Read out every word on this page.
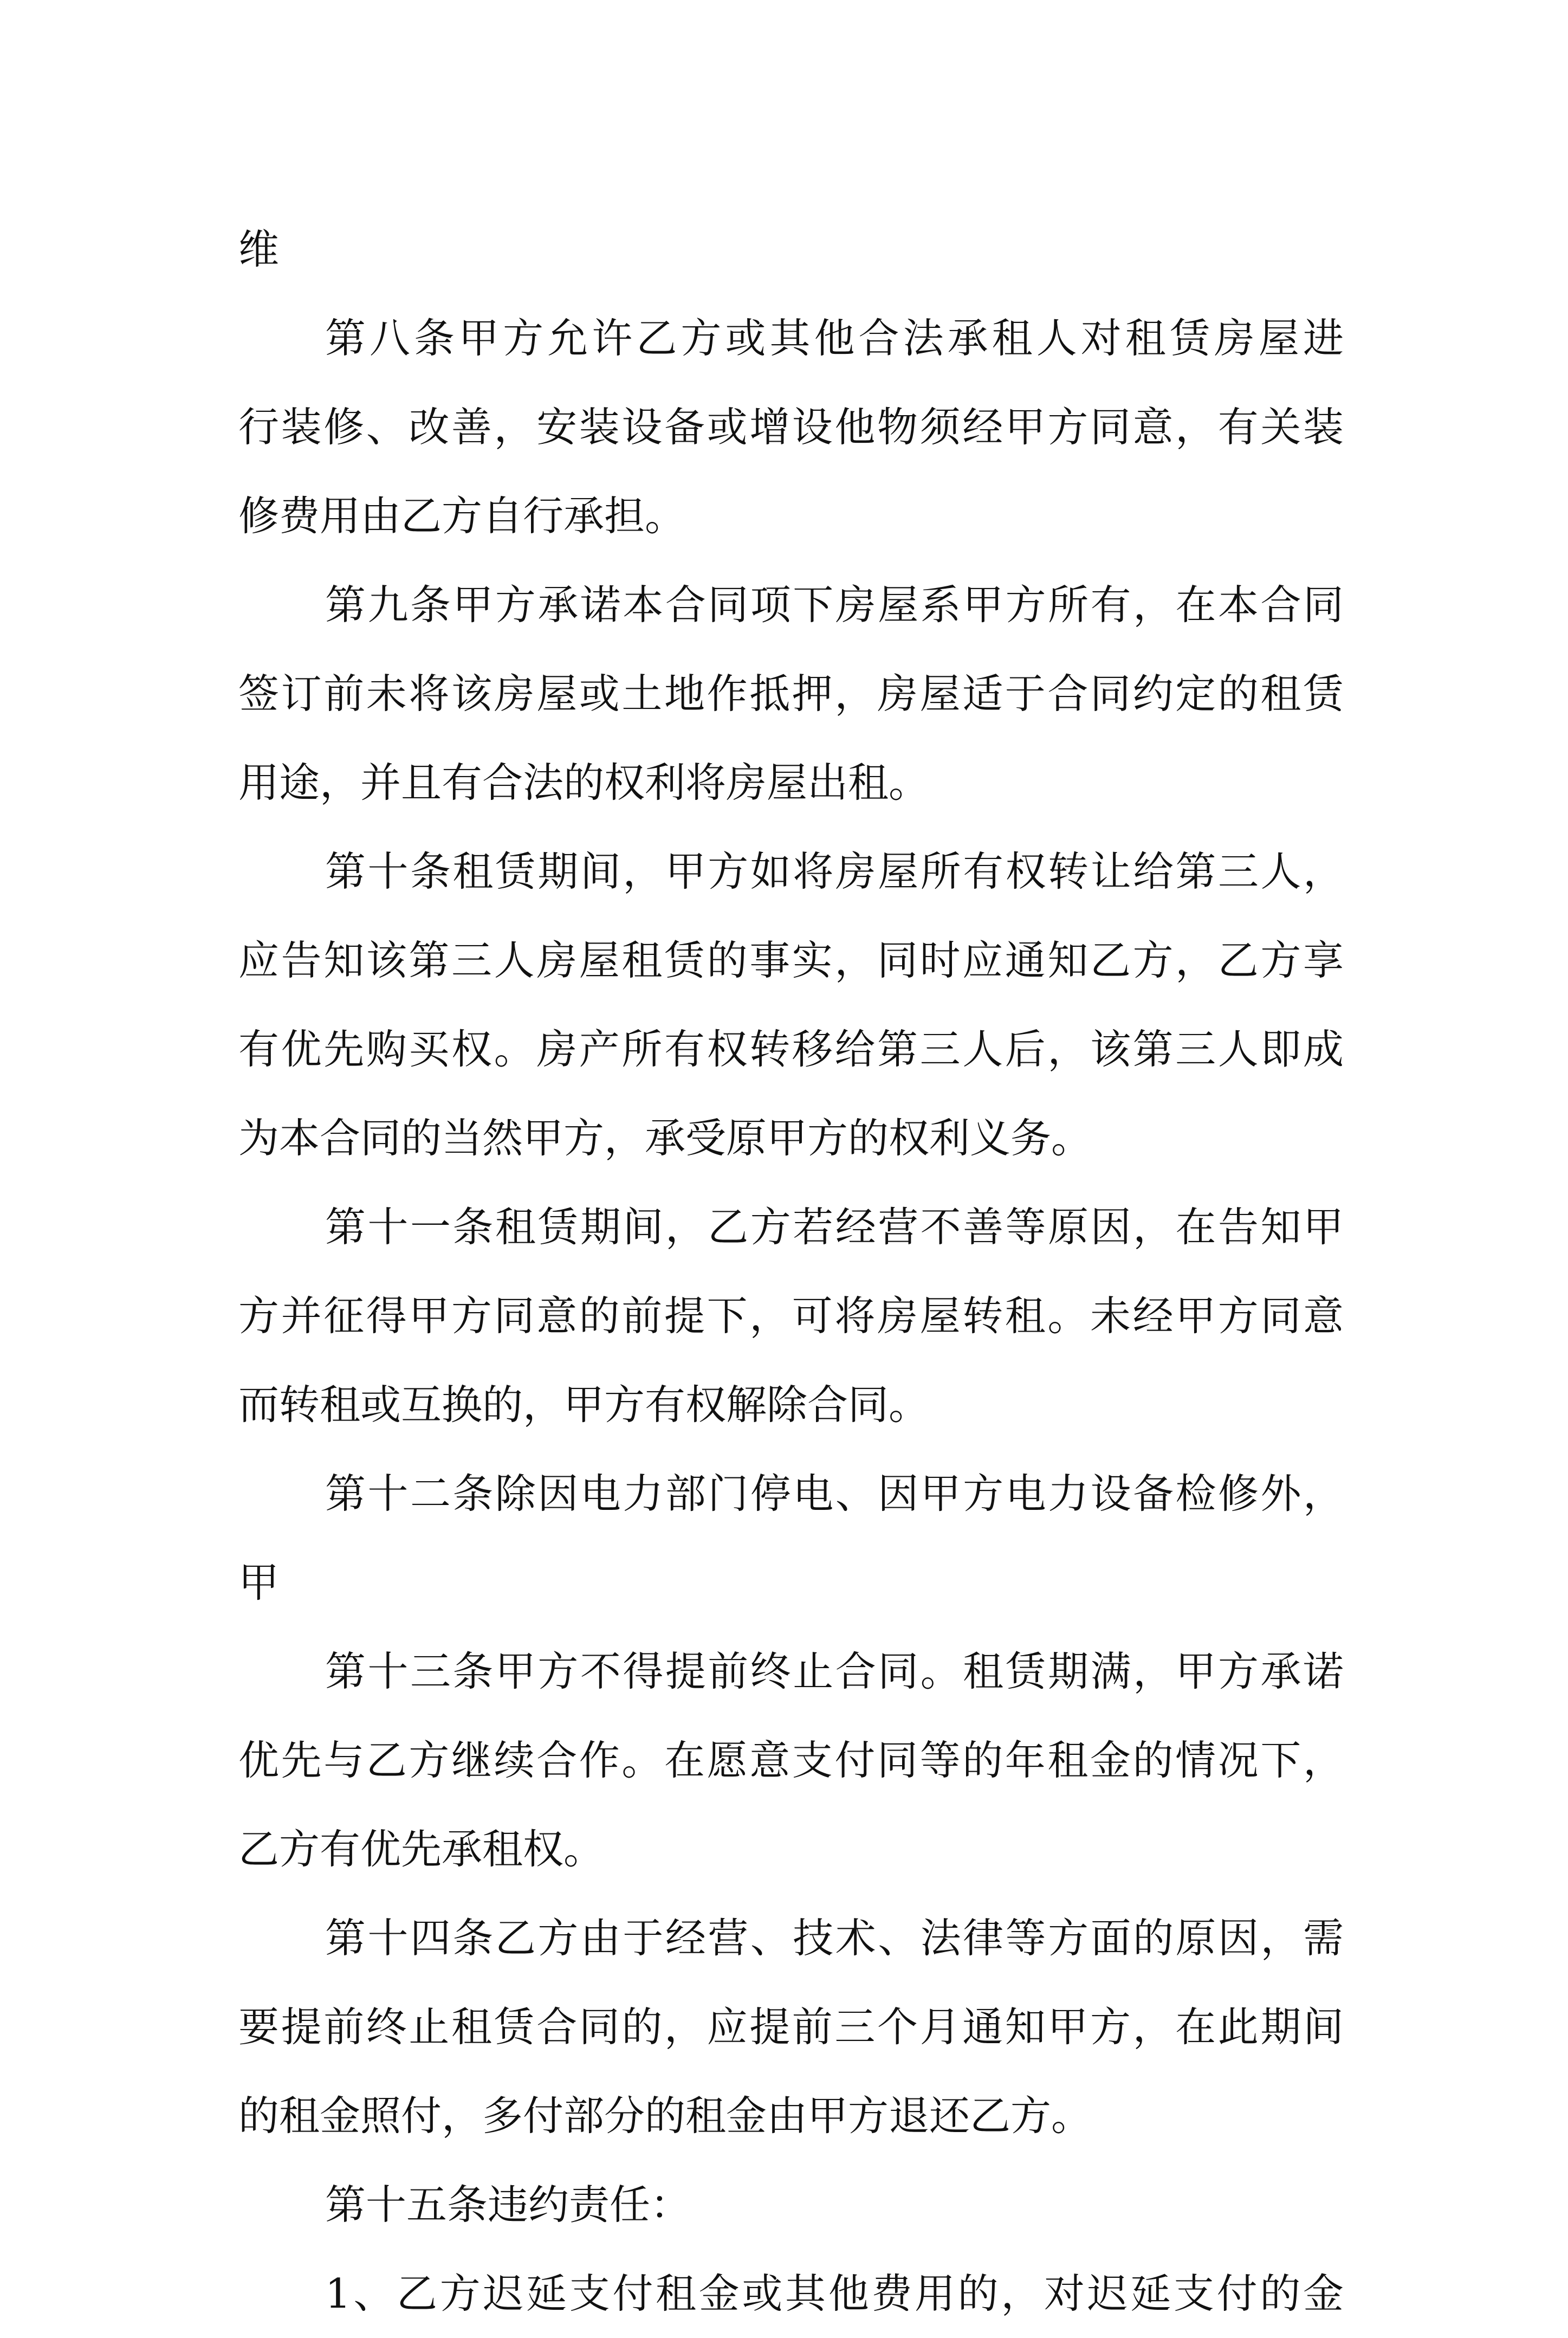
维
第八条甲方允许乙方或其他合法承租人对租赁房屋进
行装修、改善，安装设备或增设他物须经甲方同意，有关装
修费用由乙方自行承担。
第九条甲方承诺本合同项下房屋系甲方所有，在本合同
签订前未将该房屋或土地作抵押，房屋适于合同约定的租赁
用途，并且有合法的权利将房屋出租。
第十条租赁期间，甲方如将房屋所有权转让给第三人，
应告知该第三人房屋租赁的事实，同时应通知乙方，乙方享
有优先购买权。房产所有权转移给第三人后，该第三人即成
为本合同的当然甲方，承受原甲方的权利义务。
第十一条租赁期间，乙方若经营不善等原因，在告知甲
方并征得甲方同意的前提下，可将房屋转租。未经甲方同意
而转租或互换的，甲方有权解除合同。
第十二条除因电力部门停电、因甲方电力设备检修外，
甲
第十三条甲方不得提前终止合同。租赁期满，甲方承诺
优先与乙方继续合作。在愿意支付同等的年租金的情况下，
乙方有优先承租权。
第十四条乙方由于经营、技术、法律等方面的原因，需
要提前终止租赁合同的，应提前三个月通知甲方，在此期间
的租金照付，多付部分的租金由甲方退还乙方。
第十五条违约责任：
1、乙方迟延支付租金或其他费用的，对迟延支付的金
